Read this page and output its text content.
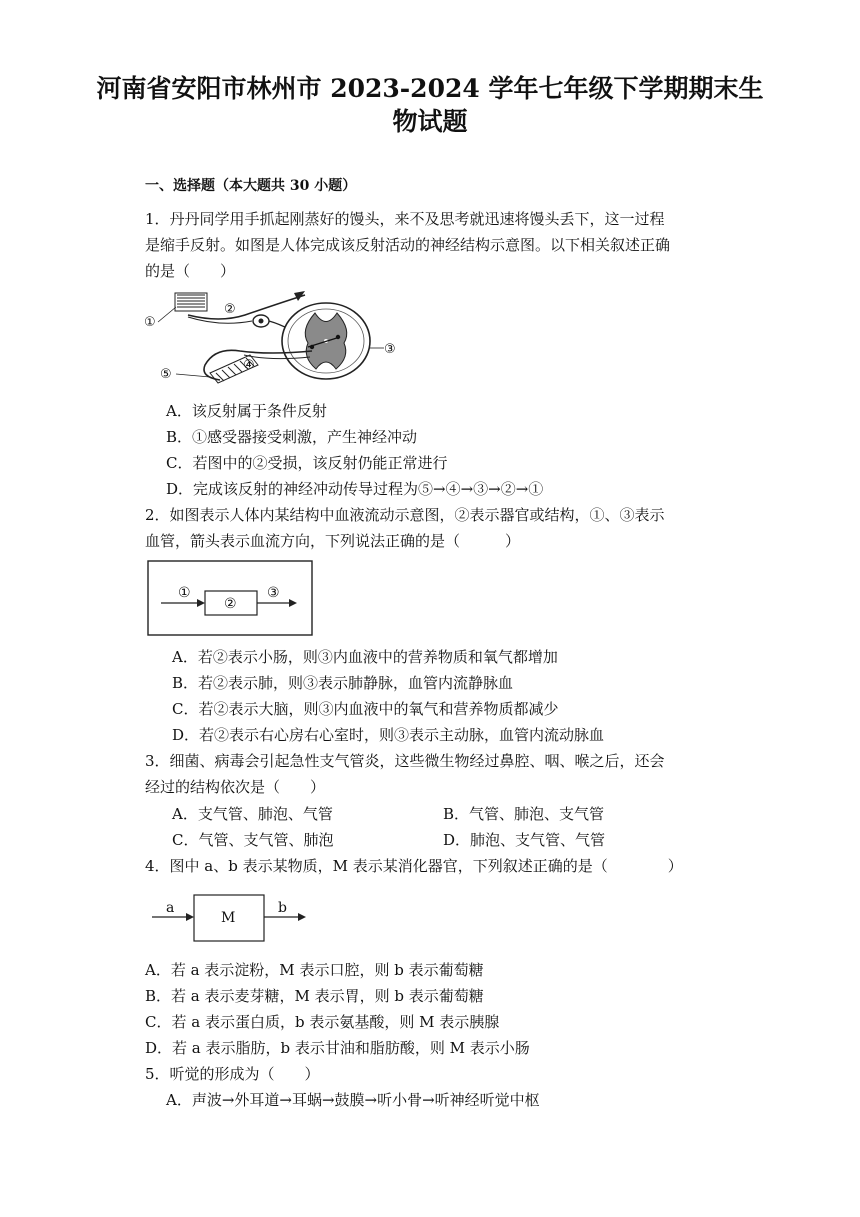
河南省安阳市林州市 2023-2024 学年七年级下学期期末生
物试题
一、选择题（本大题共 30 小题）
1．丹丹同学用手抓起刚蒸好的馒头，来不及思考就迅速将馒头丢下，这一过程
是缩手反射。如图是人体完成该反射活动的神经结构示意图。以下相关叙述正确
的是（　　）
①
②
③
④
⑤
A．该反射属于条件反射
B．①感受器接受刺激，产生神经冲动
C．若图中的②受损，该反射仍能正常进行
D．完成该反射的神经冲动传导过程为⑤→④→③→②→①
2．如图表示人体内某结构中血液流动示意图，②表示器官或结构，①、③表示
血管，箭头表示血流方向，下列说法正确的是（　　　）
①
②
③
A．若②表示小肠，则③内血液中的营养物质和氧气都增加
B．若②表示肺，则③表示肺静脉，血管内流静脉血
C．若②表示大脑，则③内血液中的氧气和营养物质都减少
D．若②表示右心房右心室时，则③表示主动脉，血管内流动脉血
3．细菌、病毒会引起急性支气管炎，这些微生物经过鼻腔、咽、喉之后，还会
经过的结构依次是（　　）
A．支气管、肺泡、气管	B．气管、肺泡、支气管
C．气管、支气管、肺泡	D．肺泡、支气管、气管
4．图中 a、b 表示某物质，M 表示某消化器官，下列叙述正确的是（　　　　）
a
M
b
A．若 a 表示淀粉，M 表示口腔，则 b 表示葡萄糖
B．若 a 表示麦芽糖，M 表示胃，则 b 表示葡萄糖
C．若 a 表示蛋白质，b 表示氨基酸，则 M 表示胰腺
D．若 a 表示脂肪，b 表示甘油和脂肪酸，则 M 表示小肠
5．听觉的形成为（　　）
A．声波→外耳道→耳蜗→鼓膜→听小骨→听神经听觉中枢
